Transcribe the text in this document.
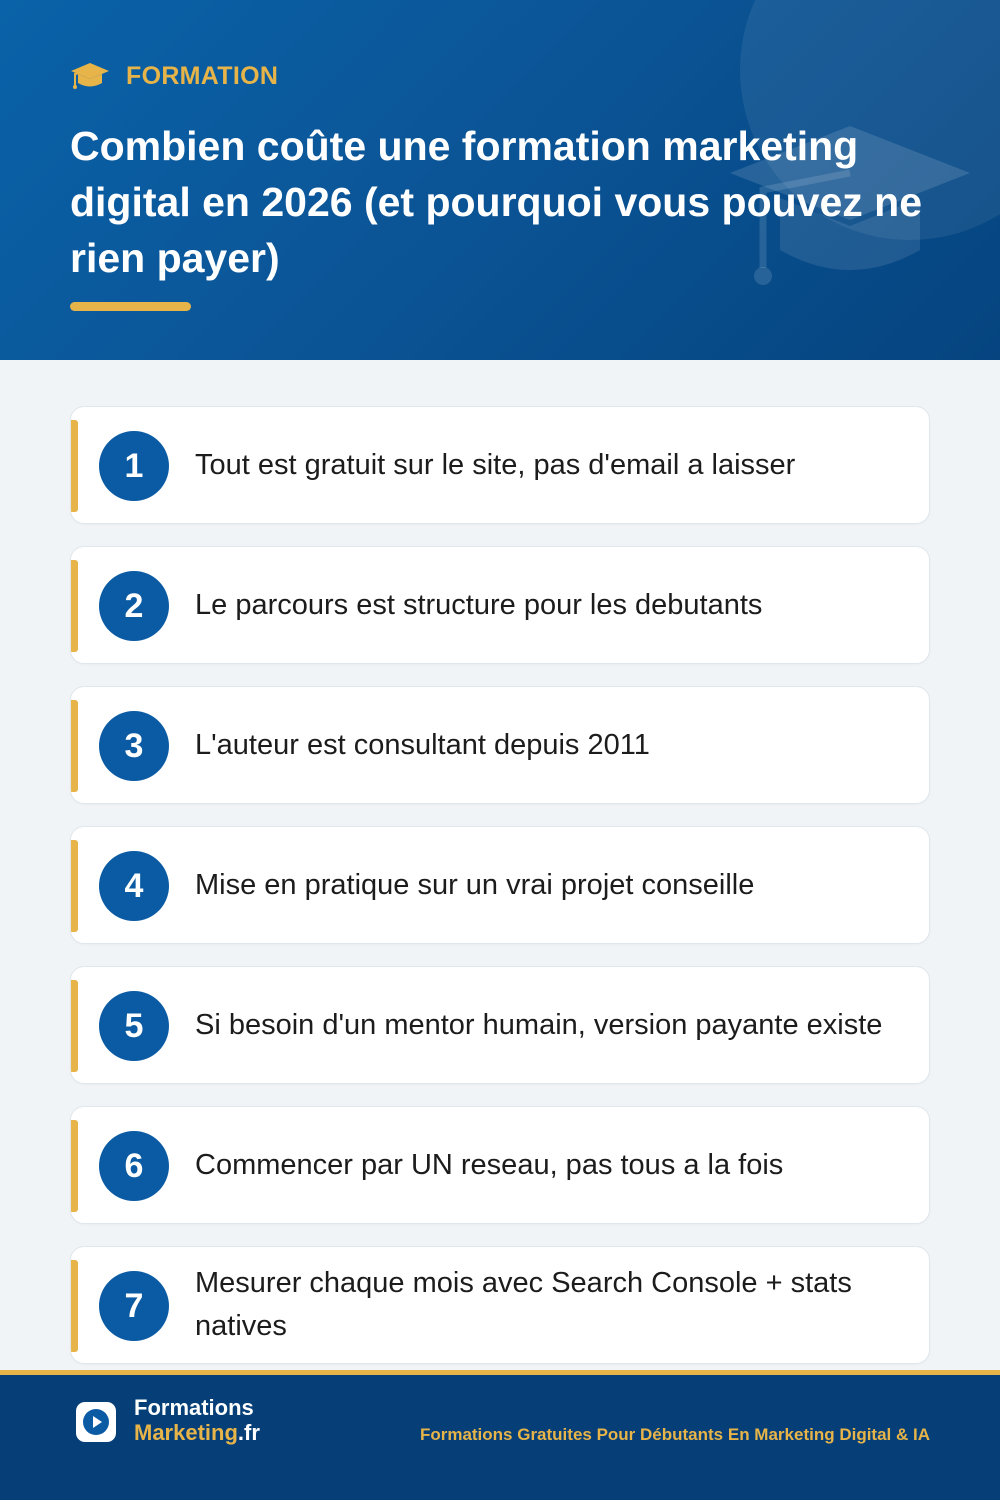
FORMATION
Combien coûte une formation marketing digital en 2026 (et pourquoi vous pouvez ne rien payer)
1	Tout est gratuit sur le site, pas d'email a laisser
2	Le parcours est structure pour les debutants
3	L'auteur est consultant depuis 2011
4	Mise en pratique sur un vrai projet conseille
5	Si besoin d'un mentor humain, version payante existe
6	Commencer par UN reseau, pas tous a la fois
7
Mesurer chaque mois avec Search Console + stats natives
Formations
Marketing.fr	Formations Gratuites Pour Débutants En Marketing Digital & IA
